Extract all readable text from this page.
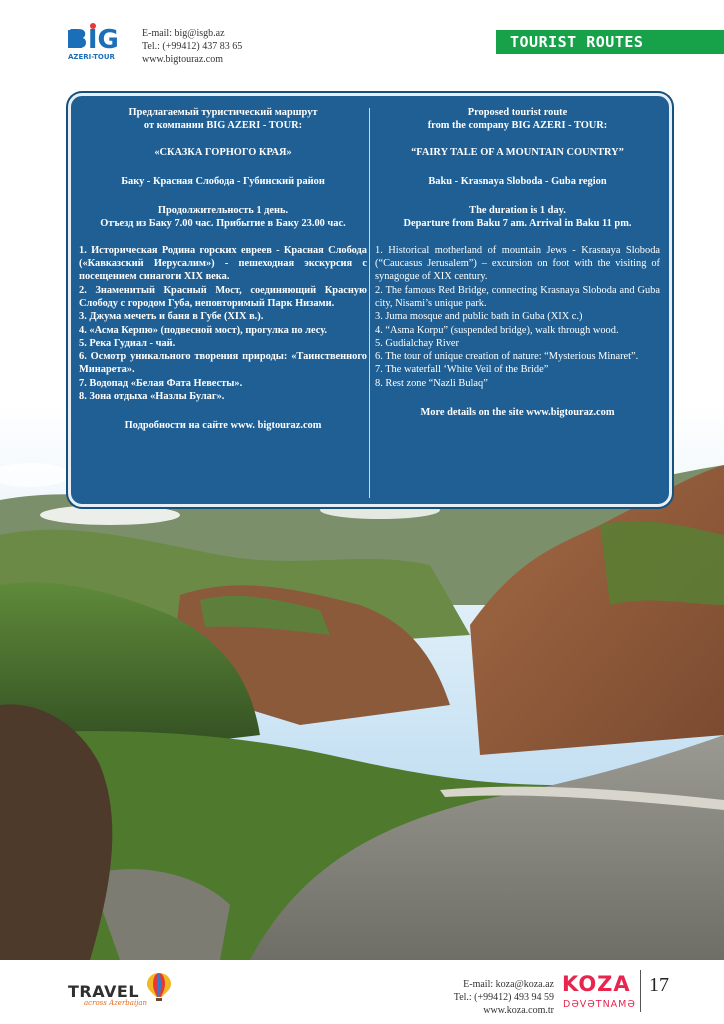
BIG
AZERI-TOUR
E-mail: big@isgb.az
Tel.: (+99412) 437 83 65
www.bigtouraz.com
TOURIST ROUTES

Предлагаемый туристический маршрут

от компании BIG AZERI - TOUR:

«СКАЗКА ГОРНОГО КРАЯ»

Баку - Красная Слобода - Губинский район

Продолжительность 1 день.

Отъезд из Баку 7.00 час. Прибытие в Баку 23.00 час.

1. Историческая Родина горских евреев - Красная Слобода («Кавказский Иерусалим») - пешеходная экскурсия с посещением синагоги XIX века.

2. Знаменитый Красный Мост, соединяющий Красную Слободу с городом Губа, неповторимый Парк Низами.

3. Джума мечеть и баня в Губе (XIX в.).

4. «Асма Керпю» (подвесной мост), прогулка по лесу.

5. Река Гудиал - чай.

6. Осмотр уникального творения природы: «Таинственного Минарета».

7. Водопад «Белая Фата Невесты».

8. Зона отдыха «Назлы Булаг».

Подробности на сайте www. bigtouraz.com

Proposed tourist route

from the company BIG AZERI - TOUR:

“FAIRY TALE OF A MOUNTAIN COUNTRY”

Baku - Krasnaya Sloboda - Guba region

The duration is 1 day.

Departure from Baku 7 am. Arrival in Baku 11 pm.

1. Historical motherland of mountain Jews - Krasnaya Sloboda (“Caucasus Jerusalem”) – excursion on foot with the visiting of synagogue of XIX century.

2. The famous Red Bridge, connecting Krasnaya Sloboda and Guba city, Nisami’s unique park.

3. Juma mosque and public bath in Guba (XIX c.)

4. “Asma Korpu” (suspended bridge), walk through wood.

5. Gudialchay River

6. The tour of unique creation of nature: “Mysterious Minaret”.

7. The waterfall ‘White Veil of the Bride”

8. Rest zone “Nazli Bulaq”

More details on the site www.bigtouraz.com

TRAVEL
across Azerbaijan
E-mail: koza@koza.az
Tel.: (+99412) 493 94 59
www.koza.com.tr
KOZA
DƏVƏTNAMƏ
17
